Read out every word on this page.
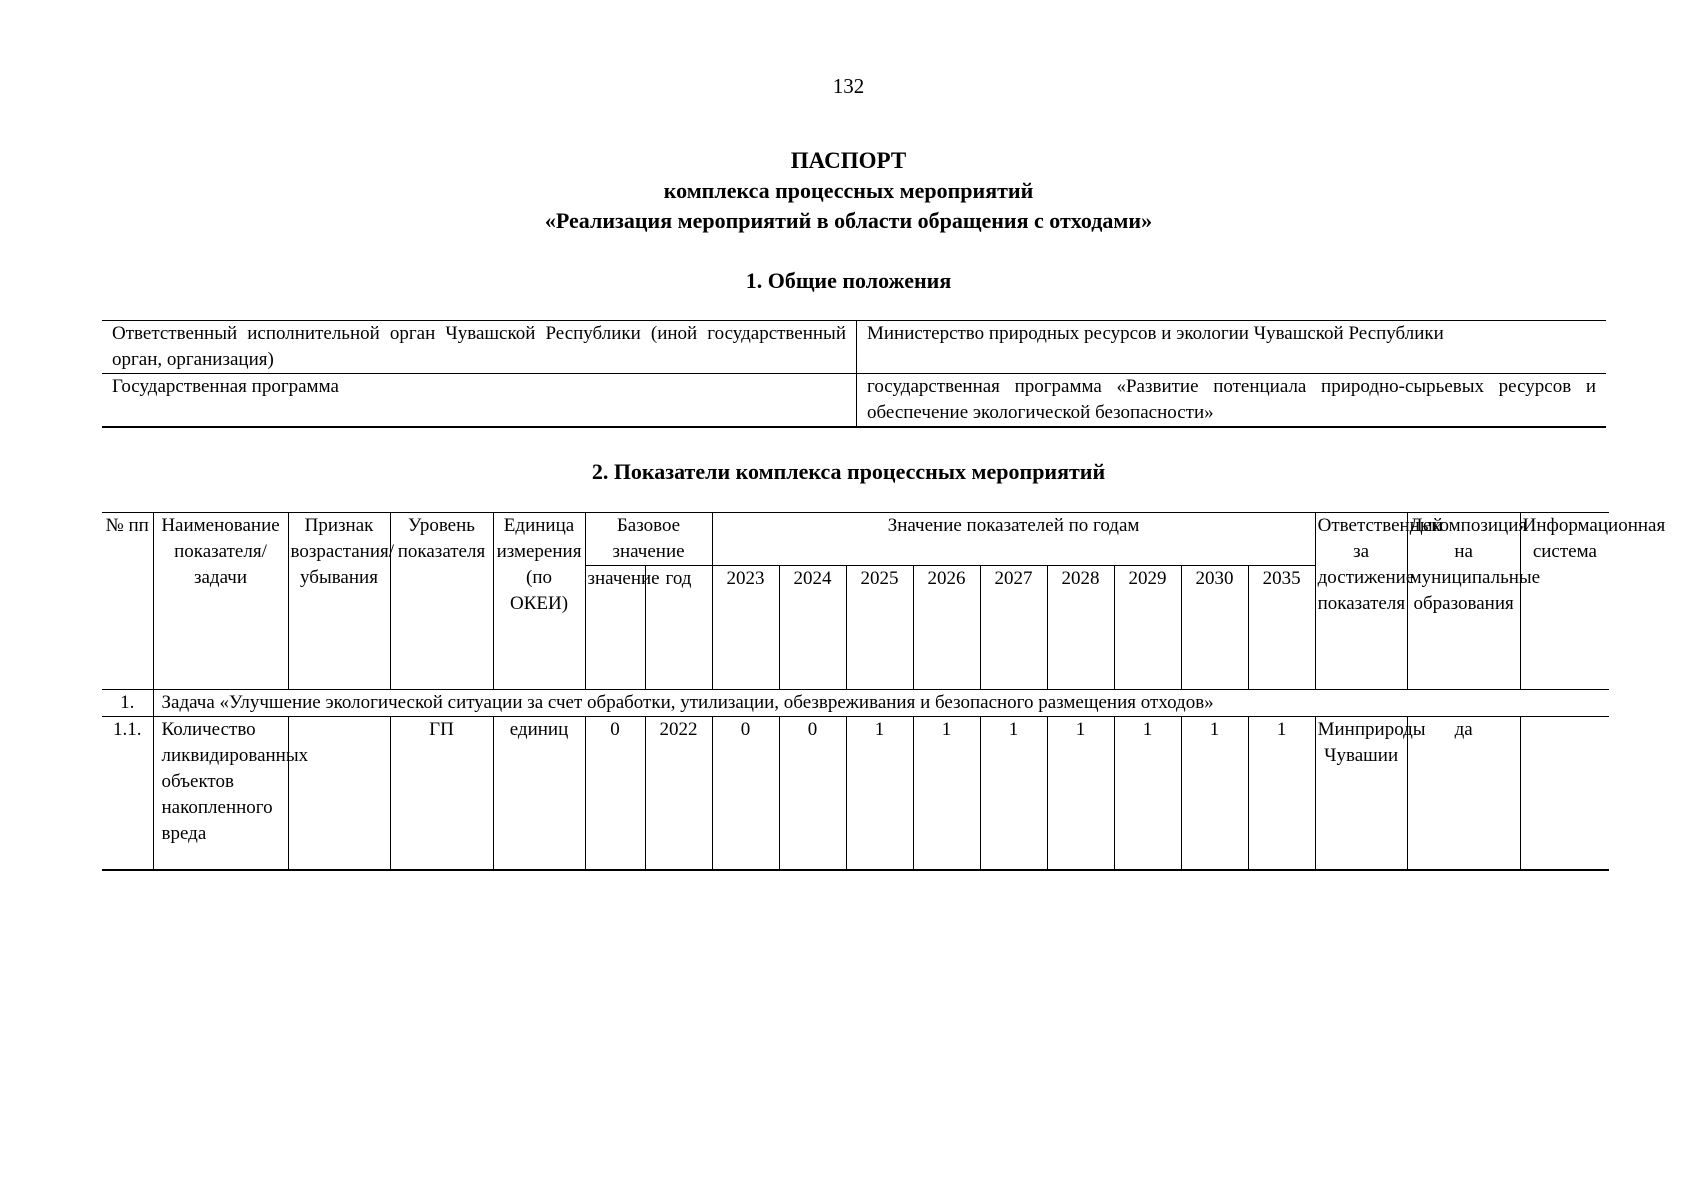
132
ПАСПОРТ
комплекса процессных мероприятий
«Реализация мероприятий в области обращения с отходами»
1. Общие положения
Ответственный исполнительной орган Чувашской Республики (иной государственный орган, организация)	Министерство природных ресурсов и экологии Чувашской Республики
Государственная программа	государственная программа «Развитие потенциала природно-сырьевых ресурсов и обеспечение экологической безопасности»
2. Показатели комплекса процессных мероприятий
№ пп	Наименование показателя/задачи	Признак возрастания/ убывания	Уровень показателя	Единица измерения (по ОКЕИ)	Базовое значение		Значение показателей по годам									Ответственный за достижение показателя	Декомпозиция на муниципальные образования	Информационная система
					значение	год	2023	2024	2025	2026	2027	2028	2029	2030	2035			
1.	Задача «Улучшение экологической ситуации за счет обработки, утилизации, обезвреживания и безопасного размещения отходов»																	
1.1.	Количество ликвидированных объектов накопленного вреда		ГП	единиц	0	2022	0	0	1	1	1	1	1	1	1	Минприроды Чувашии	да	
